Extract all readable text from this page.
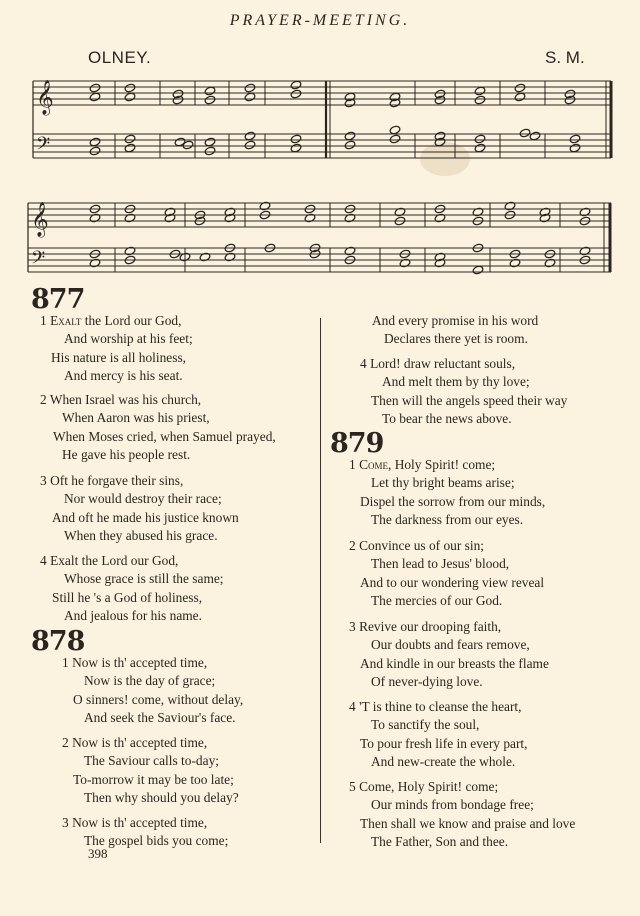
PRAYER-MEETING.
OLNEY.	S. M.
𝄞
𝄢
𝄞
𝄢
877
1 Exalt the Lord our God,
And worship at his feet;
His nature is all holiness,
And mercy is his seat.
2 When Israel was his church,
When Aaron was his priest,
When Moses cried, when Samuel prayed,
He gave his people rest.
3 Oft he forgave their sins,
Nor would destroy their race;
And oft he made his justice known
When they abused his grace.
4 Exalt the Lord our God,
Whose grace is still the same;
Still he 's a God of holiness,
And jealous for his name.
878
1 Now is th' accepted time,
Now is the day of grace;
O sinners! come, without delay,
And seek the Saviour's face.
2 Now is th' accepted time,
The Saviour calls to-day;
To-morrow it may be too late;
Then why should you delay?
3 Now is th' accepted time,
The gospel bids you come;
398
And every promise in his word
Declares there yet is room.
4 Lord! draw reluctant souls,
And melt them by thy love;
Then will the angels speed their way
To bear the news above.
879
1 Come, Holy Spirit! come;
Let thy bright beams arise;
Dispel the sorrow from our minds,
The darkness from our eyes.
2 Convince us of our sin;
Then lead to Jesus' blood,
And to our wondering view reveal
The mercies of our God.
3 Revive our drooping faith,
Our doubts and fears remove,
And kindle in our breasts the flame
Of never-dying love.
4 'T is thine to cleanse the heart,
To sanctify the soul,
To pour fresh life in every part,
And new-create the whole.
5 Come, Holy Spirit! come;
Our minds from bondage free;
Then shall we know and praise and love
The Father, Son and thee.
